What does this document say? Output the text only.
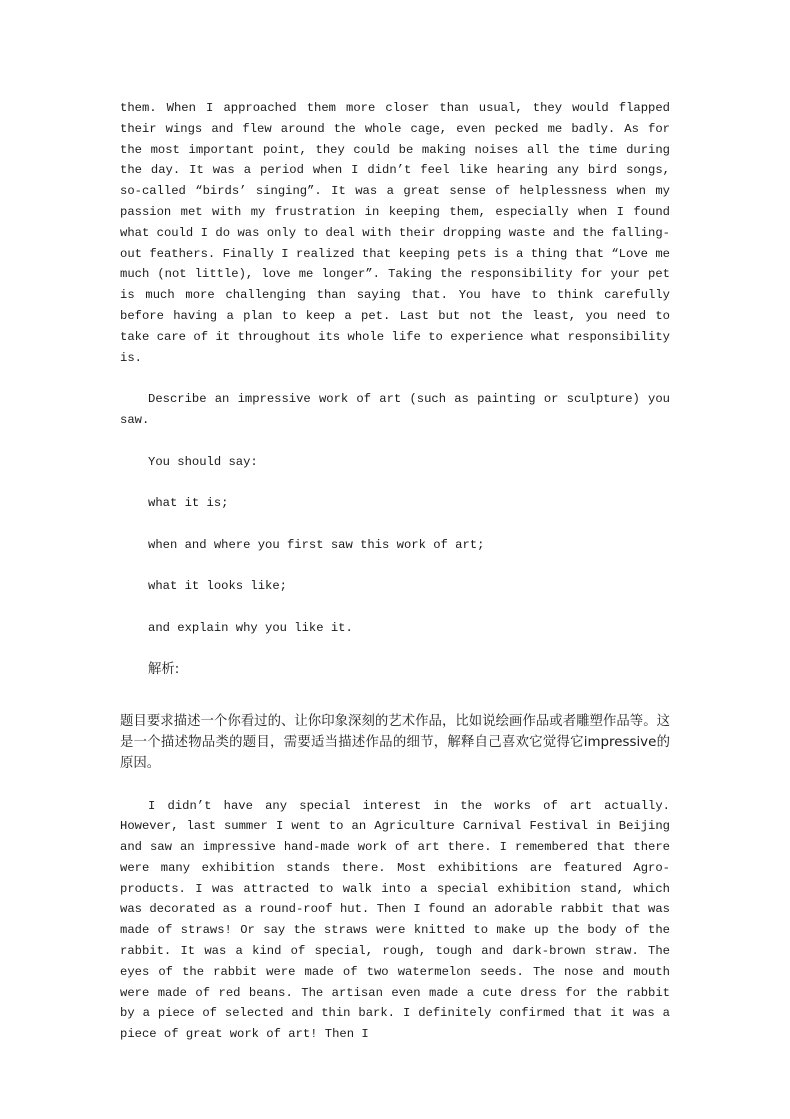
them. When I approached them more closer than usual, they would flapped their wings and flew around the whole cage, even pecked me badly. As for the most important point, they could be making noises all the time during the day. It was a period when I didn’t feel like hearing any bird songs, so-called “birds’ singing”. It was a great sense of helplessness when my passion met with my frustration in keeping them, especially when I found what could I do was only to deal with their dropping waste and the falling-out feathers. Finally I realized that keeping pets is a thing that “Love me much (not little), love me longer”. Taking the responsibility for your pet is much more challenging than saying that. You have to think carefully before having a plan to keep a pet. Last but not the least, you need to take care of it throughout its whole life to experience what responsibility is.

Describe an impressive work of art (such as painting or sculpture) you saw.

You should say:

what it is;

when and where you first saw this work of art;

what it looks like;

and explain why you like it.

解析:

题目要求描述一个你看过的、让你印象深刻的艺术作品，比如说绘画作品或者雕塑作品等。这是一个描述物品类的题目，需要适当描述作品的细节，解释自己喜欢它觉得它impressive的原因。

I didn’t have any special interest in the works of art actually. However, last summer I went to an Agriculture Carnival Festival in Beijing and saw an impressive hand-made work of art there. I remembered that there were many exhibition stands there. Most exhibitions are featured Agro-products. I was attracted to walk into a special exhibition stand, which was decorated as a round-roof hut. Then I found an adorable rabbit that was made of straws! Or say the straws were knitted to make up the body of the rabbit. It was a kind of special, rough, tough and dark-brown straw. The eyes of the rabbit were made of two watermelon seeds. The nose and mouth were made of red beans. The artisan even made a cute dress for the rabbit by a piece of selected and thin bark. I definitely confirmed that it was a piece of great work of art! Then I
